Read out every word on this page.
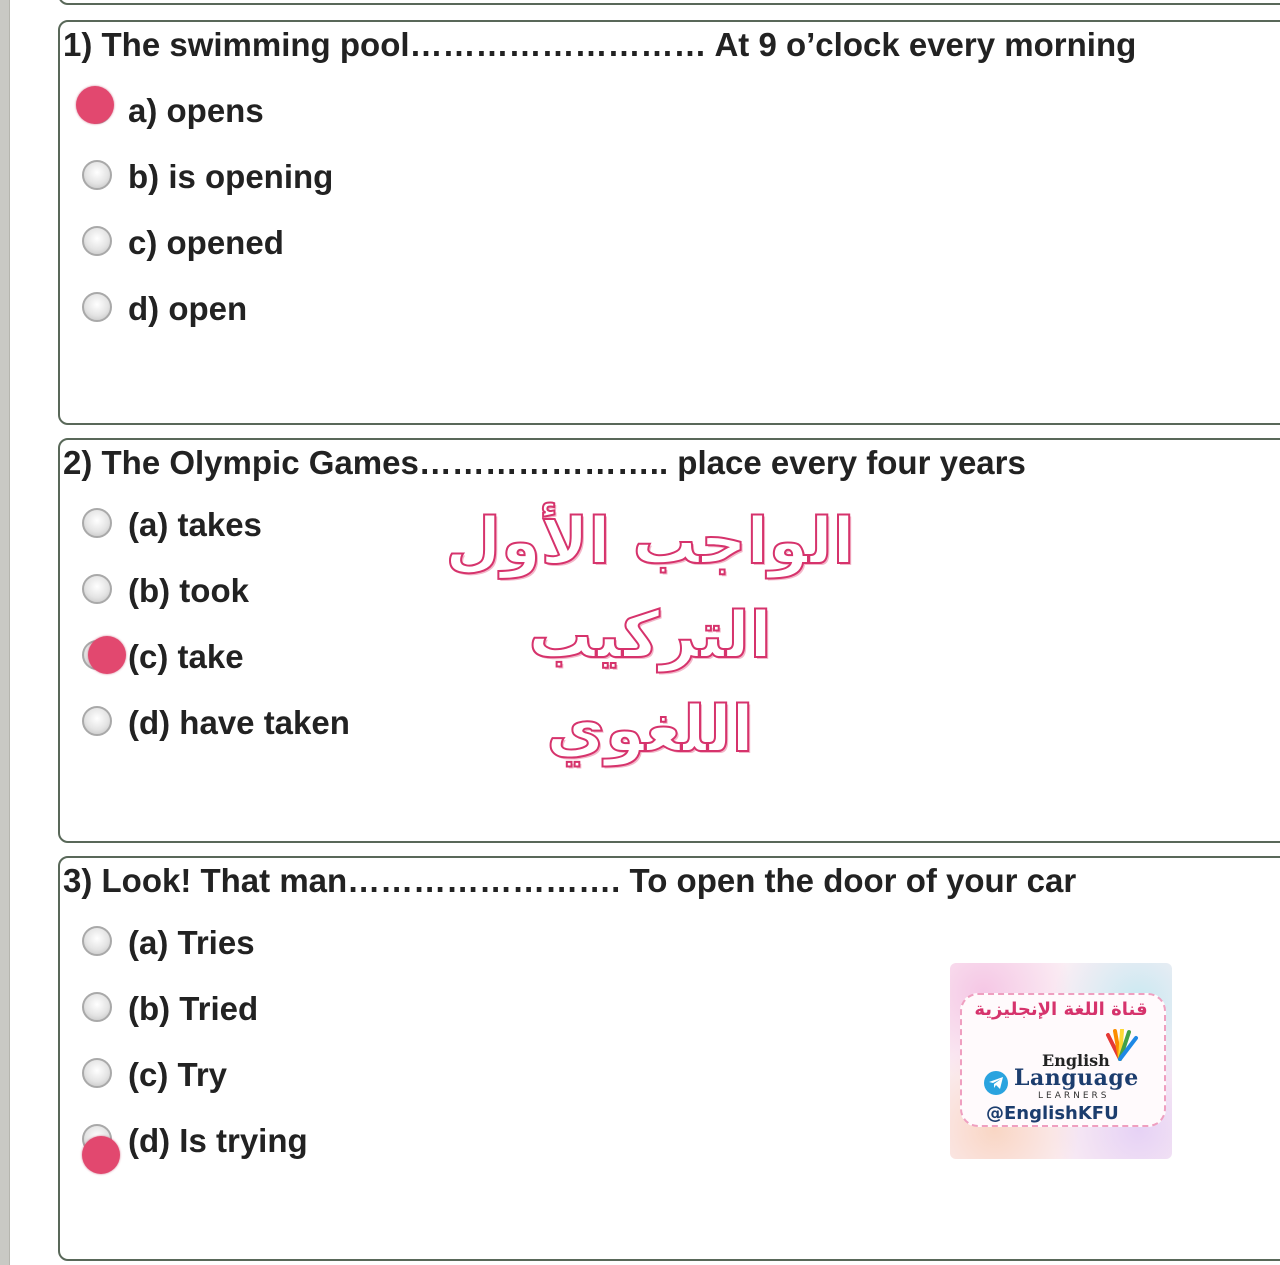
1) The swimming pool……………………… At 9 o’clock every morning
a) opens
b) is opening
c) opened
d) open
2) The Olympic Games………………….. place every four years
(a) takes
(b) took
(c) take
(d) have taken
3) Look! That man……………………. To open the door of your car
(a) Tries
(b) Tried
(c) Try
(d) Is trying
الواجب الأول
التركيب
اللغوي
قناة اللغة الإنجليزية
English
Language
LEARNERS
@EnglishKFU
